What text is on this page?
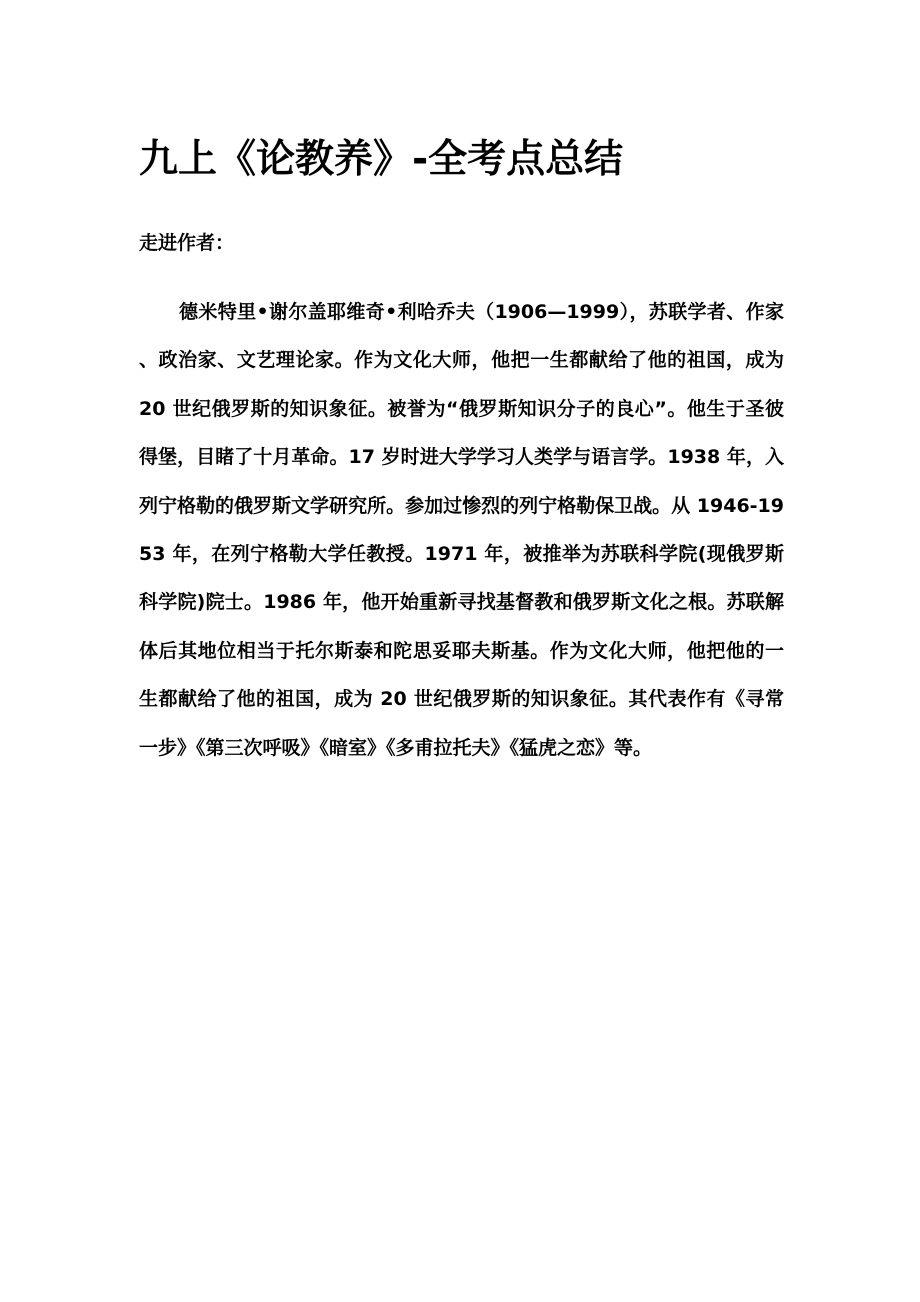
九上《论教养》-全考点总结
走进作者：

德米特里•谢尔盖耶维奇•利哈乔夫（1906—1999），苏联学者、作家、政治家、文艺理论家。作为文化大师，他把一生都献给了他的祖国，成为 20 世纪俄罗斯的知识象征。被誉为“俄罗斯知识分子的良心”。他生于圣彼得堡，目睹了十月革命。17 岁时进大学学习人类学与语言学。1938 年，入列宁格勒的俄罗斯文学研究所。参加过惨烈的列宁格勒保卫战。从 1946-1953 年，在列宁格勒大学任教授。1971 年，被推举为苏联科学院(现俄罗斯科学院)院士。1986 年，他开始重新寻找基督教和俄罗斯文化之根。苏联解体后其地位相当于托尔斯泰和陀思妥耶夫斯基。作为文化大师，他把他的一生都献给了他的祖国，成为 20 世纪俄罗斯的知识象征。其代表作有《寻常一步》《第三次呼吸》《暗室》《多甫拉托夫》《猛虎之恋》等。
